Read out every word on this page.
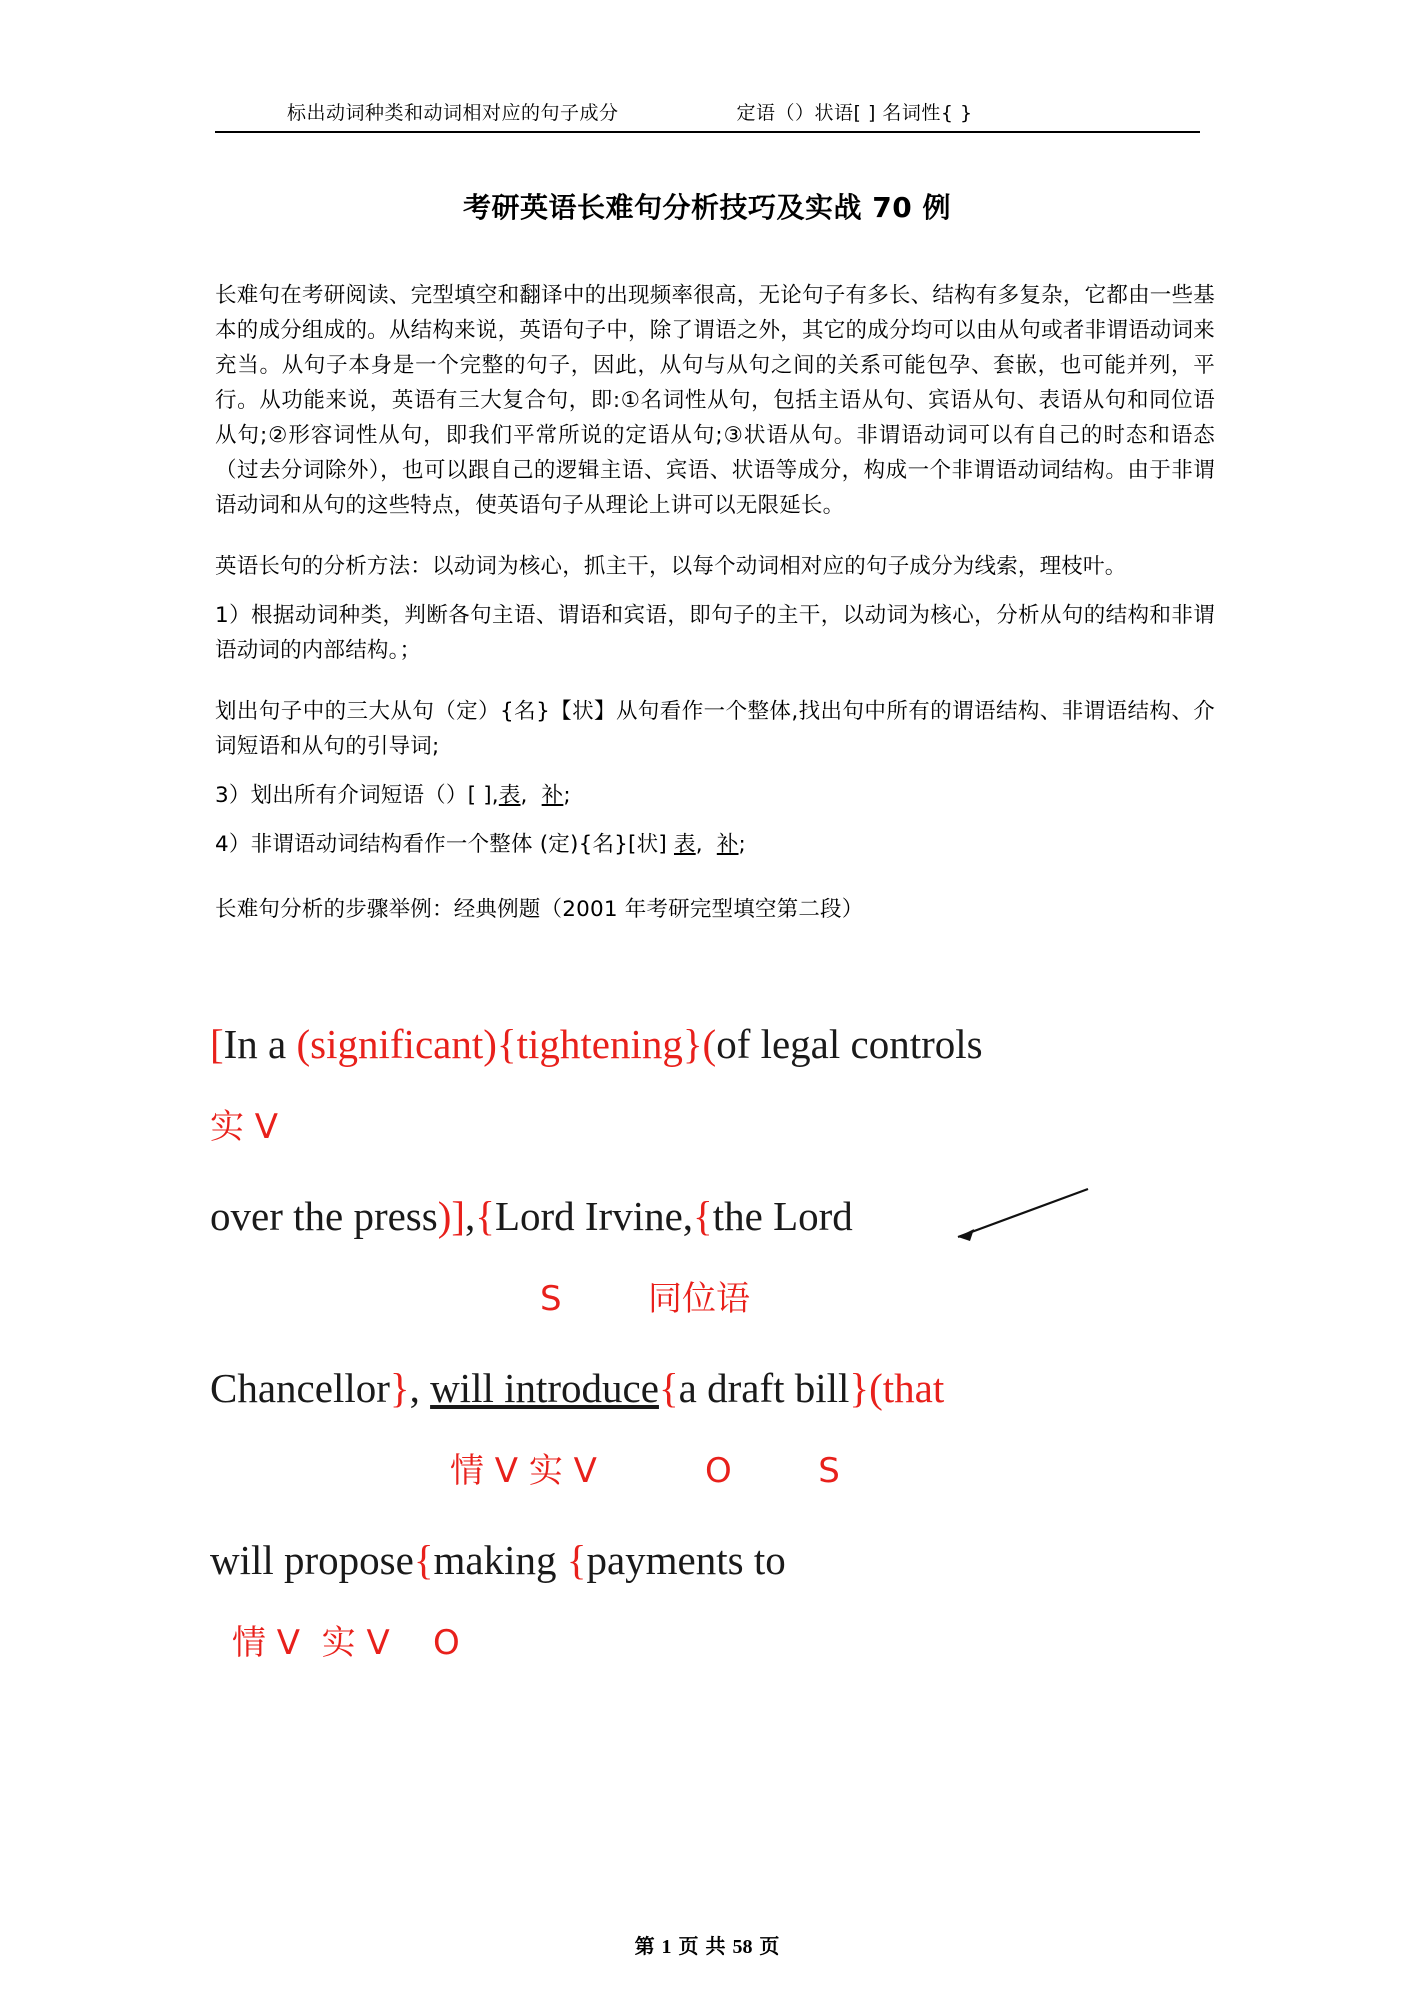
标出动词种类和动词相对应的句子成分	定语（）状语[ ] 名词性{ }
考研英语长难句分析技巧及实战 70 例

长难句在考研阅读、完型填空和翻译中的出现频率很高，无论句子有多长、结构有多复杂，它都由一些基本的成分组成的。从结构来说，英语句子中，除了谓语之外，其它的成分均可以由从句或者非谓语动词来充当。从句子本身是一个完整的句子，因此，从句与从句之间的关系可能包孕、套嵌，也可能并列，平行。从功能来说，英语有三大复合句，即:①名词性从句，包括主语从句、宾语从句、表语从句和同位语从句;②形容词性从句，即我们平常所说的定语从句;③状语从句。非谓语动词可以有自己的时态和语态（过去分词除外），也可以跟自己的逻辑主语、宾语、状语等成分，构成一个非谓语动词结构。由于非谓语动词和从句的这些特点，使英语句子从理论上讲可以无限延长。

英语长句的分析方法：以动词为核心，抓主干，以每个动词相对应的句子成分为线索，理枝叶。

1）根据动词种类，判断各句主语、谓语和宾语，即句子的主干，以动词为核心，分析从句的结构和非谓语动词的内部结构。；

划出句子中的三大从句（定）{名}【状】从句看作一个整体,找出句中所有的谓语结构、非谓语结构、介词短语和从句的引导词;

3）划出所有介词短语（）[ ],表, 补;

4）非谓语动词结构看作一个整体 (定){名}[状] 表, 补;

长难句分析的步骤举例：经典例题（2001 年考研完型填空第二段）

[In a (significant){tightening}(of legal controls
实 V
over the press)],{Lord Irvine,{the Lord
S        同位语
Chancellor}, will introduce{a draft bill}(that
情 V 实 V          O        S
will propose{making {payments to
情 V  实 V    O
第 1 页 共 58 页
